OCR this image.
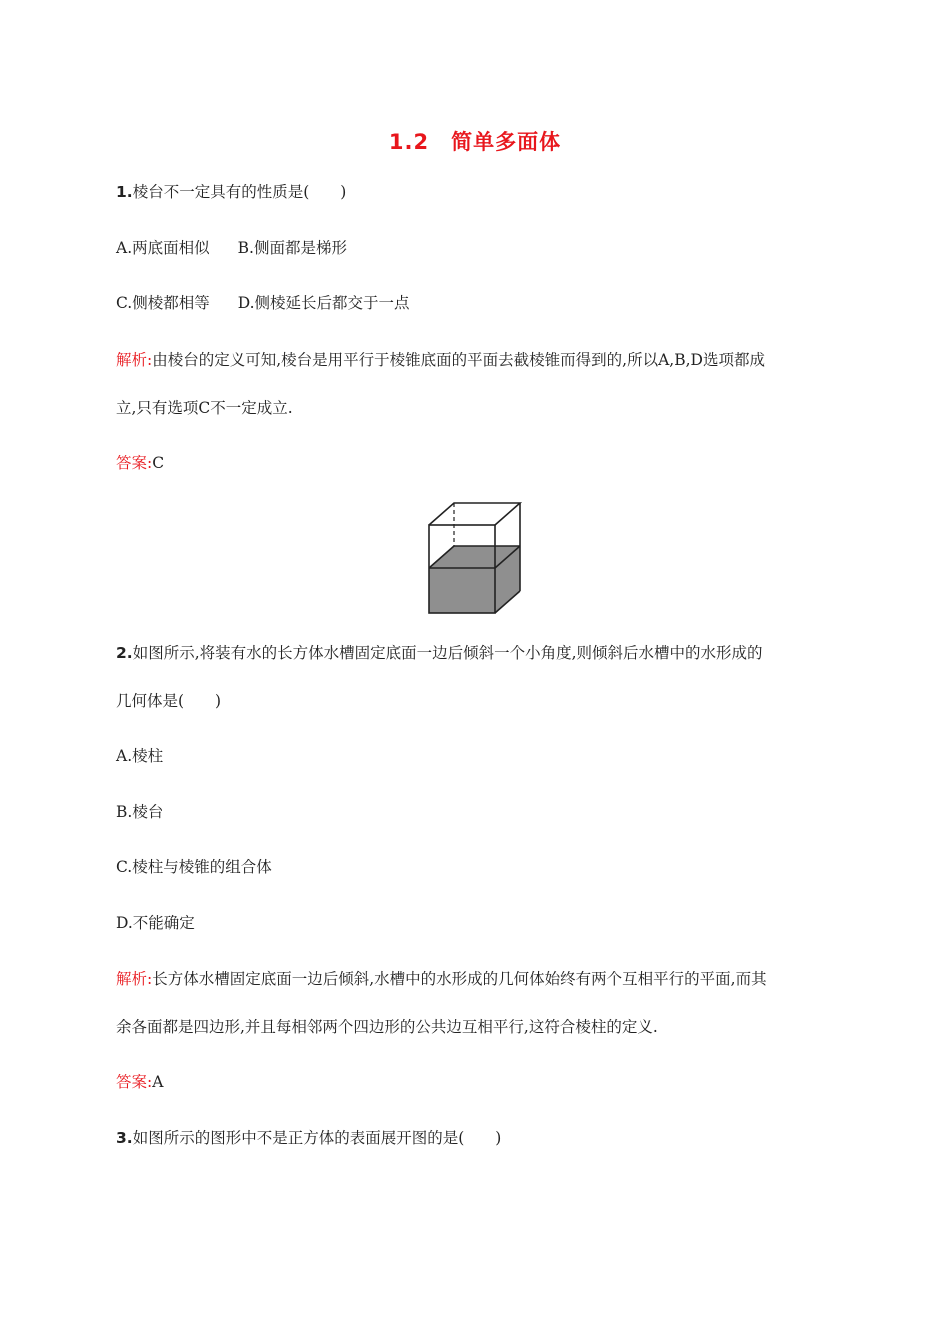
1.2　简单多面体
1.棱台不一定具有的性质是(　　)
A.两底面相似 B.侧面都是梯形
C.侧棱都相等 D.侧棱延长后都交于一点
解析:由棱台的定义可知,棱台是用平行于棱锥底面的平面去截棱锥而得到的,所以A,B,D选项都成
立,只有选项C不一定成立.
答案:C
2.如图所示,将装有水的长方体水槽固定底面一边后倾斜一个小角度,则倾斜后水槽中的水形成的
几何体是(　　)
A.棱柱
B.棱台
C.棱柱与棱锥的组合体
D.不能确定
解析:长方体水槽固定底面一边后倾斜,水槽中的水形成的几何体始终有两个互相平行的平面,而其
余各面都是四边形,并且每相邻两个四边形的公共边互相平行,这符合棱柱的定义.
答案:A
3.如图所示的图形中不是正方体的表面展开图的是(　　)
